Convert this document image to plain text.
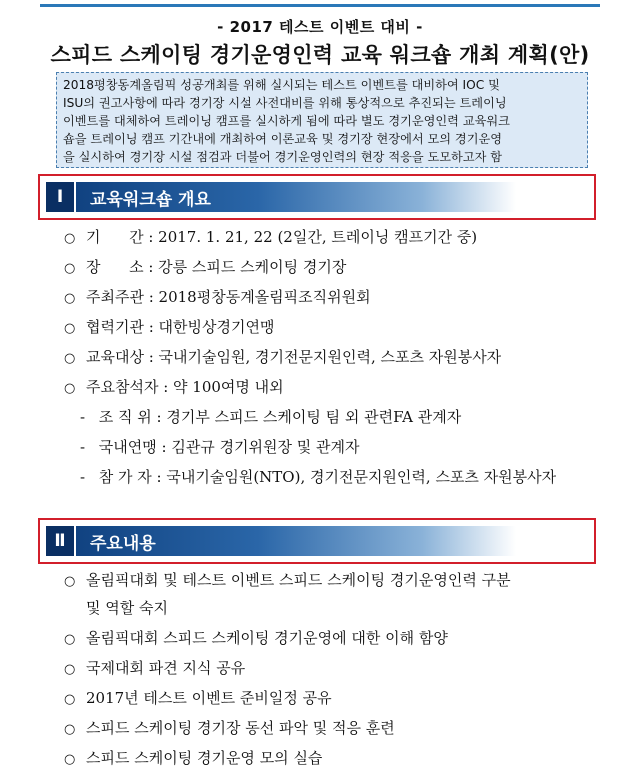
- 2017 테스트 이벤트 대비 -
스피드 스케이팅 경기운영인력 교육 워크숍 개최 계획(안)
2018평창동계올림픽 성공개최를 위해 실시되는 테스트 이벤트를 대비하여 IOC 및
ISU의 권고사항에 따라 경기장 시설 사전대비를 위해 통상적으로 추진되는 트레이닝
이벤트를 대체하여 트레이닝 캠프를 실시하게 됨에 따라 별도 경기운영인력 교육워크
숍을 트레이닝 캠프 기간내에 개최하여 이론교육 및 경기장 현장에서 모의 경기운영
을 실시하여 경기장 시설 점검과 더불어 경기운영인력의 현장 적응을 도모하고자 함
Ⅰ	교육워크숍 개요
○ 기      간 : 2017. 1. 21, 22 (2일간, 트레이닝 캠프기간 중)
○ 장      소 : 강릉 스피드 스케이팅 경기장
○ 주최주관 : 2018평창동계올림픽조직위원회
○ 협력기관 : 대한빙상경기연맹
○ 교육대상 : 국내기술임원, 경기전문지원인력, 스포츠 자원봉사자
○ 주요참석자 : 약 100여명 내외
- 조 직 위 : 경기부 스피드 스케이팅 팀 외 관련FA 관계자
- 국내연맹 : 김관규 경기위원장 및 관계자
- 참 가 자 : 국내기술임원(NTO), 경기전문지원인력, 스포츠 자원봉사자
Ⅱ	주요내용
○ 올림픽대회 및 테스트 이벤트 스피드 스케이팅 경기운영인력 구분
및 역할 숙지
○ 올림픽대회 스피드 스케이팅 경기운영에 대한 이해 함양
○ 국제대회 파견 지식 공유
○ 2017년 테스트 이벤트 준비일정 공유
○ 스피드 스케이팅 경기장 동선 파악 및 적응 훈련
○ 스피드 스케이팅 경기운영 모의 실습
